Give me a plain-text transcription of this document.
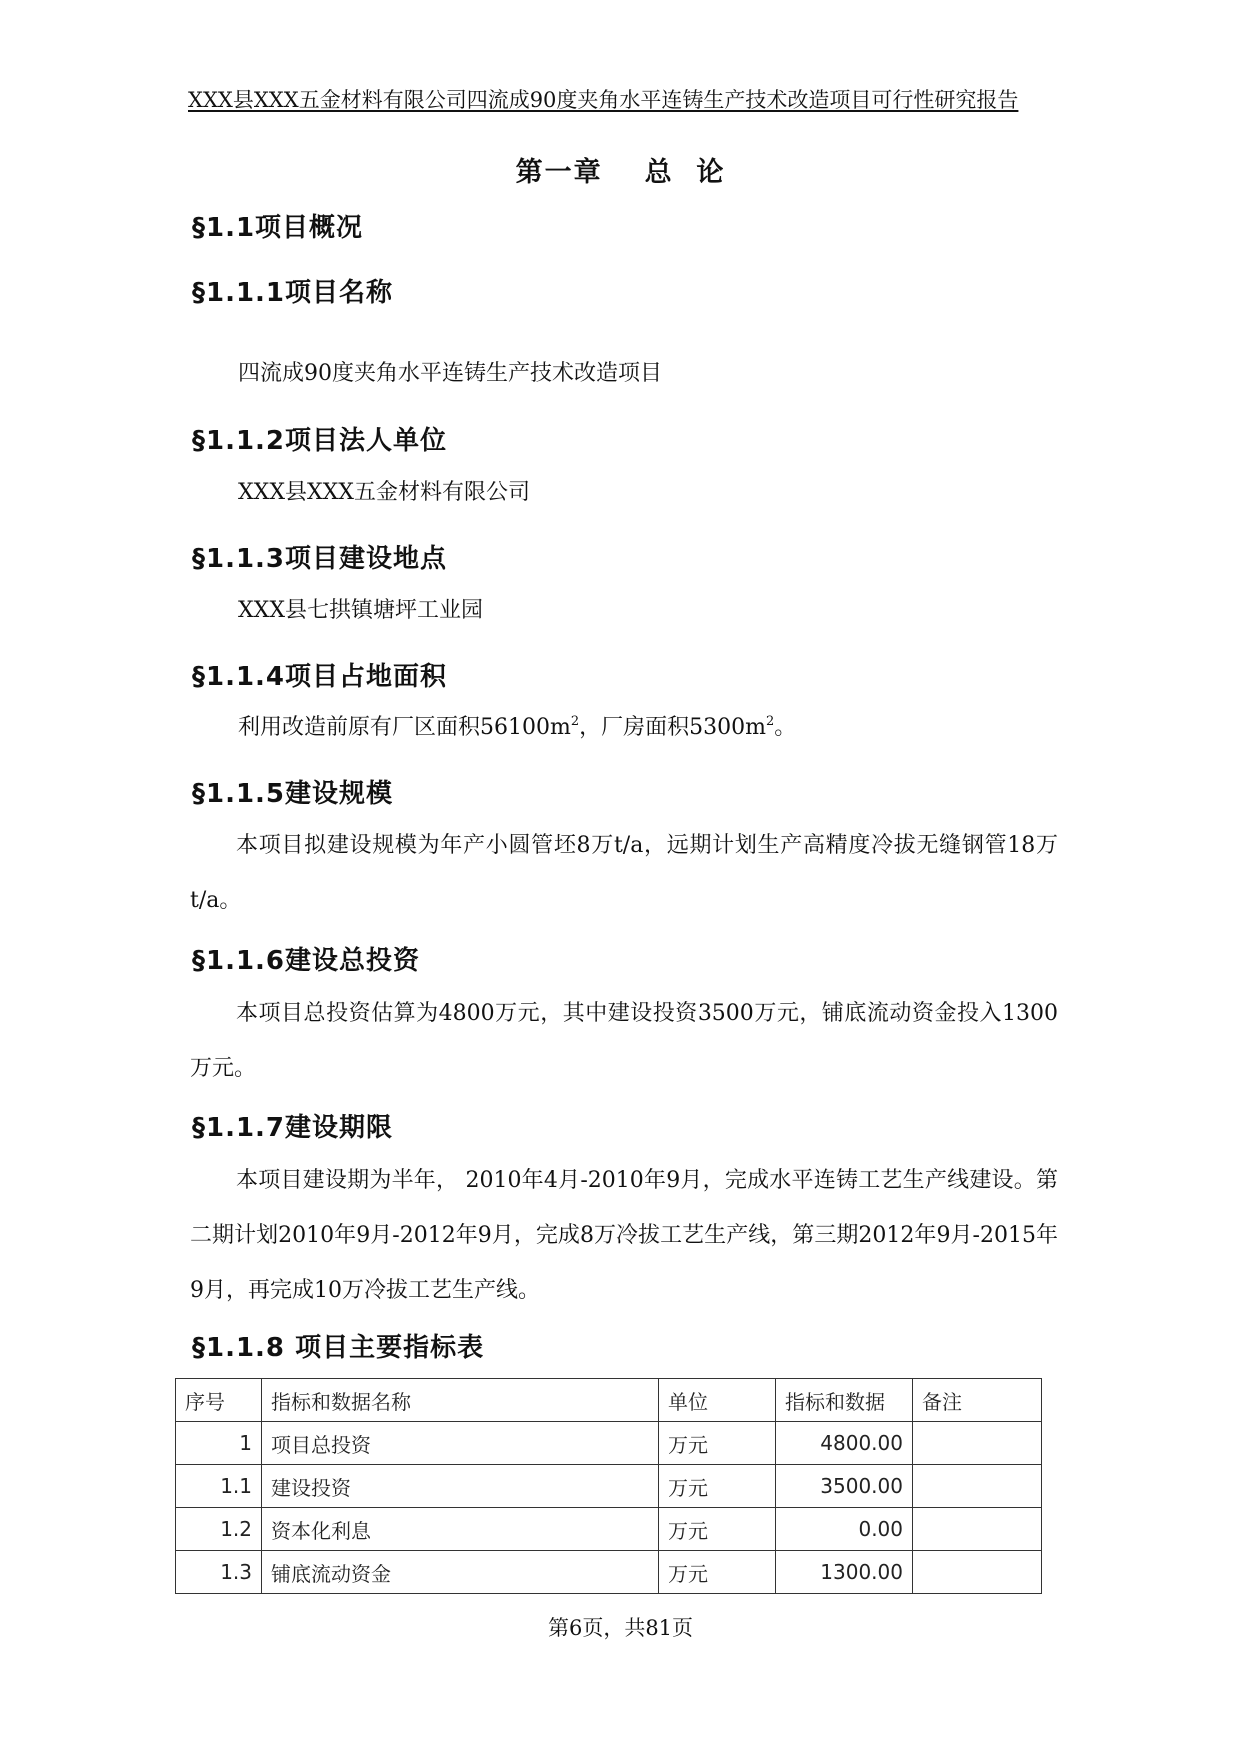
XXX县XXX五金材料有限公司四流成90度夹角水平连铸生产技术改造项目可行性研究报告
第一章 总  论
§1.1项目概况
§1.1.1项目名称
四流成90度夹角水平连铸生产技术改造项目
§1.1.2项目法人单位
XXX县XXX五金材料有限公司
§1.1.3项目建设地点
XXX县七拱镇塘坪工业园
§1.1.4项目占地面积
利用改造前原有厂区面积$56100m^2$，厂房面积$5300m^2$。
§1.1.5建设规模
本项目拟建设规模为年产小圆管坯8万t/a，远期计划生产高精度冷拔无缝钢管18万t/a。
§1.1.6建设总投资
本项目总投资估算为4800万元，其中建设投资3500万元，铺底流动资金投入1300万元。
§1.1.7建设期限
本项目建设期为半年， 2010年4月-2010年9月，完成水平连铸工艺生产线建设。第二期计划2010年9月-2012年9月，完成8万冷拔工艺生产线，第三期2012年9月-2015年9月，再完成10万冷拔工艺生产线。
§1.1.8 项目主要指标表
序号	指标和数据名称	单位	指标和数据	备注
1	项目总投资	万元	4800.00	
1.1	建设投资	万元	3500.00	
1.2	资本化利息	万元	0.00	
1.3	铺底流动资金	万元	1300.00	
第6页，共81页
